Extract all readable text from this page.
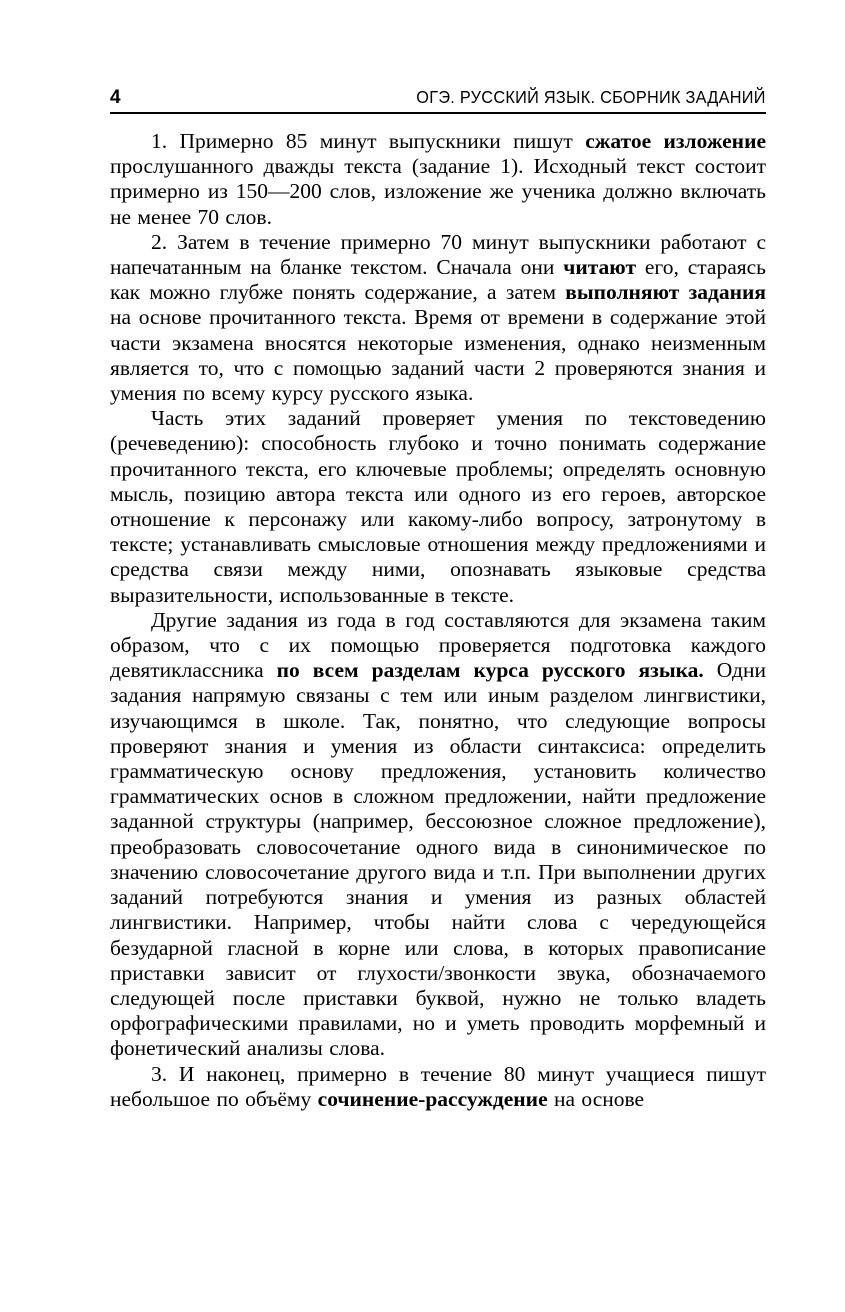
4	ОГЭ. РУССКИЙ ЯЗЫК. СБОРНИК ЗАДАНИЙ

1. Примерно 85 минут выпускники пишут сжатое изложение прослушанного дважды текста (задание 1). Исходный текст состоит примерно из 150—200 слов, изложение же ученика должно включать не менее 70 слов.

2. Затем в течение примерно 70 минут выпускники работают с напечатанным на бланке текстом. Сначала они читают его, стараясь как можно глубже понять содержание, а затем выполняют задания на основе прочитанного текста. Время от времени в содержание этой части экзамена вносятся некоторые изменения, однако неизменным является то, что с помощью заданий части 2 проверяются знания и умения по всему курсу русского языка.

Часть этих заданий проверяет умения по текстоведению (речеведению): способность глубоко и точно понимать содержание прочитанного текста, его ключевые проблемы; определять основную мысль, позицию автора текста или одного из его героев, авторское отношение к персонажу или какому-либо вопросу, затронутому в тексте; устанавливать смысловые отношения между предложениями и средства связи между ними, опознавать языковые средства выразительности, использованные в тексте.

Другие задания из года в год составляются для экзамена таким образом, что с их помощью проверяется подготовка каждого девятиклассника по всем разделам курса русского языка. Одни задания напрямую связаны с тем или иным разделом лингвистики, изучающимся в школе. Так, понятно, что следующие вопросы проверяют знания и умения из области синтаксиса: определить грамматическую основу предложения, установить количество грамматических основ в сложном предложении, найти предложение заданной структуры (например, бессоюзное сложное предложение), преобразовать словосочетание одного вида в синонимическое по значению словосочетание другого вида и т.п. При выполнении других заданий потребуются знания и умения из разных областей лингвистики. Например, чтобы найти слова с чередующейся безударной гласной в корне или слова, в которых правописание приставки зависит от глухости/звонкости звука, обозначаемого следующей после приставки буквой, нужно не только владеть орфографическими правилами, но и уметь проводить морфемный и фонетический анализы слова.

3. И наконец, примерно в течение 80 минут учащиеся пишут небольшое по объёму сочинение-рассуждение на основе
